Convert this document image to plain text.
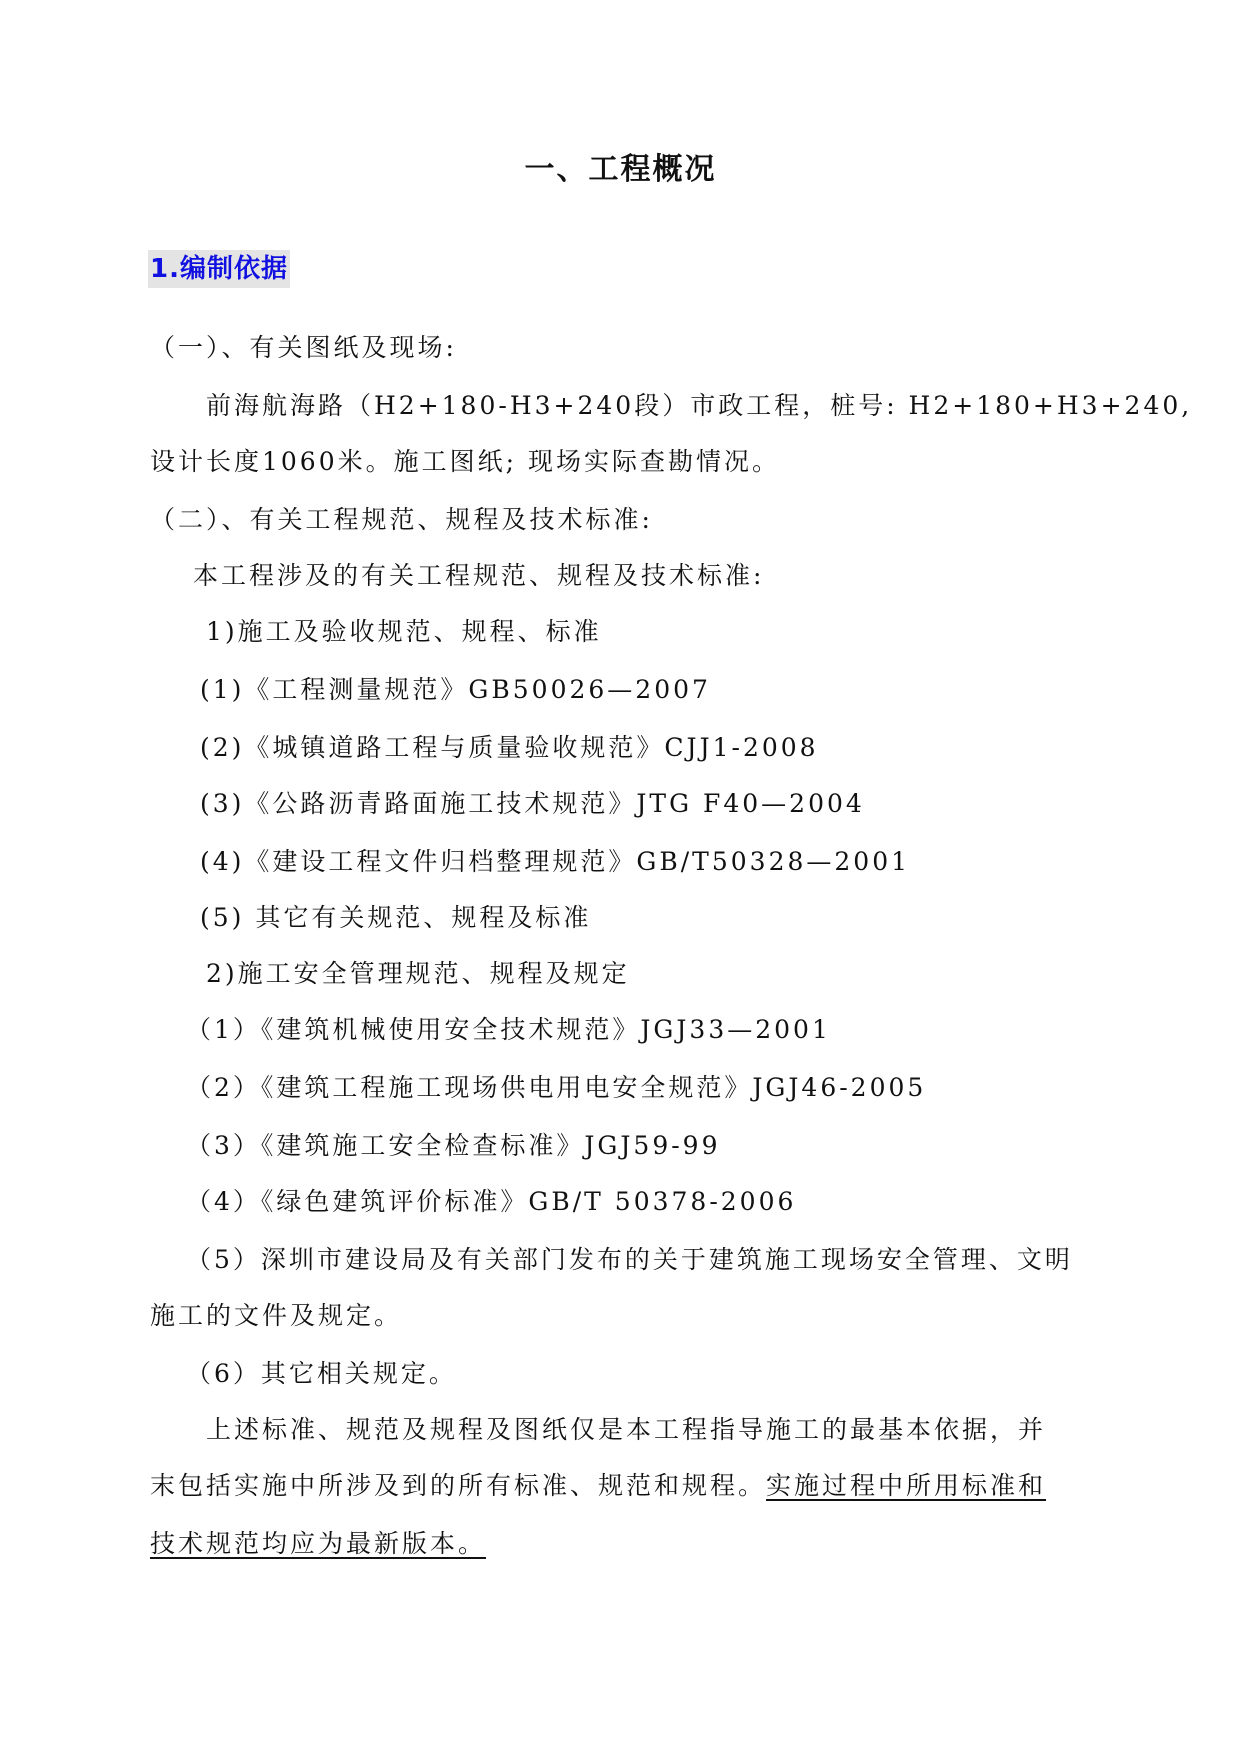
一、工程概况
1.编制依据
（一）、有关图纸及现场:
前海航海路（H2+180-H3+240段）市政工程，桩号: H2+180+H3+240,
设计长度1060米。施工图纸; 现场实际查勘情况。
（二）、有关工程规范、规程及技术标准:
本工程涉及的有关工程规范、规程及技术标准:
1)施工及验收规范、规程、标准
(1)《工程测量规范》GB50026—2007
(2)《城镇道路工程与质量验收规范》CJJ1-2008
(3)《公路沥青路面施工技术规范》JTG F40—2004
(4)《建设工程文件归档整理规范》GB/T50328—2001
(5) 其它有关规范、规程及标准
2)施工安全管理规范、规程及规定
（1）《建筑机械使用安全技术规范》JGJ33—2001
（2）《建筑工程施工现场供电用电安全规范》JGJ46-2005
（3）《建筑施工安全检查标准》JGJ59-99
（4）《绿色建筑评价标准》GB/T 50378-2006
（5）深圳市建设局及有关部门发布的关于建筑施工现场安全管理、文明
施工的文件及规定。
（6）其它相关规定。
上述标准、规范及规程及图纸仅是本工程指导施工的最基本依据，并
末包括实施中所涉及到的所有标准、规范和规程。实施过程中所用标准和
技术规范均应为最新版本。
